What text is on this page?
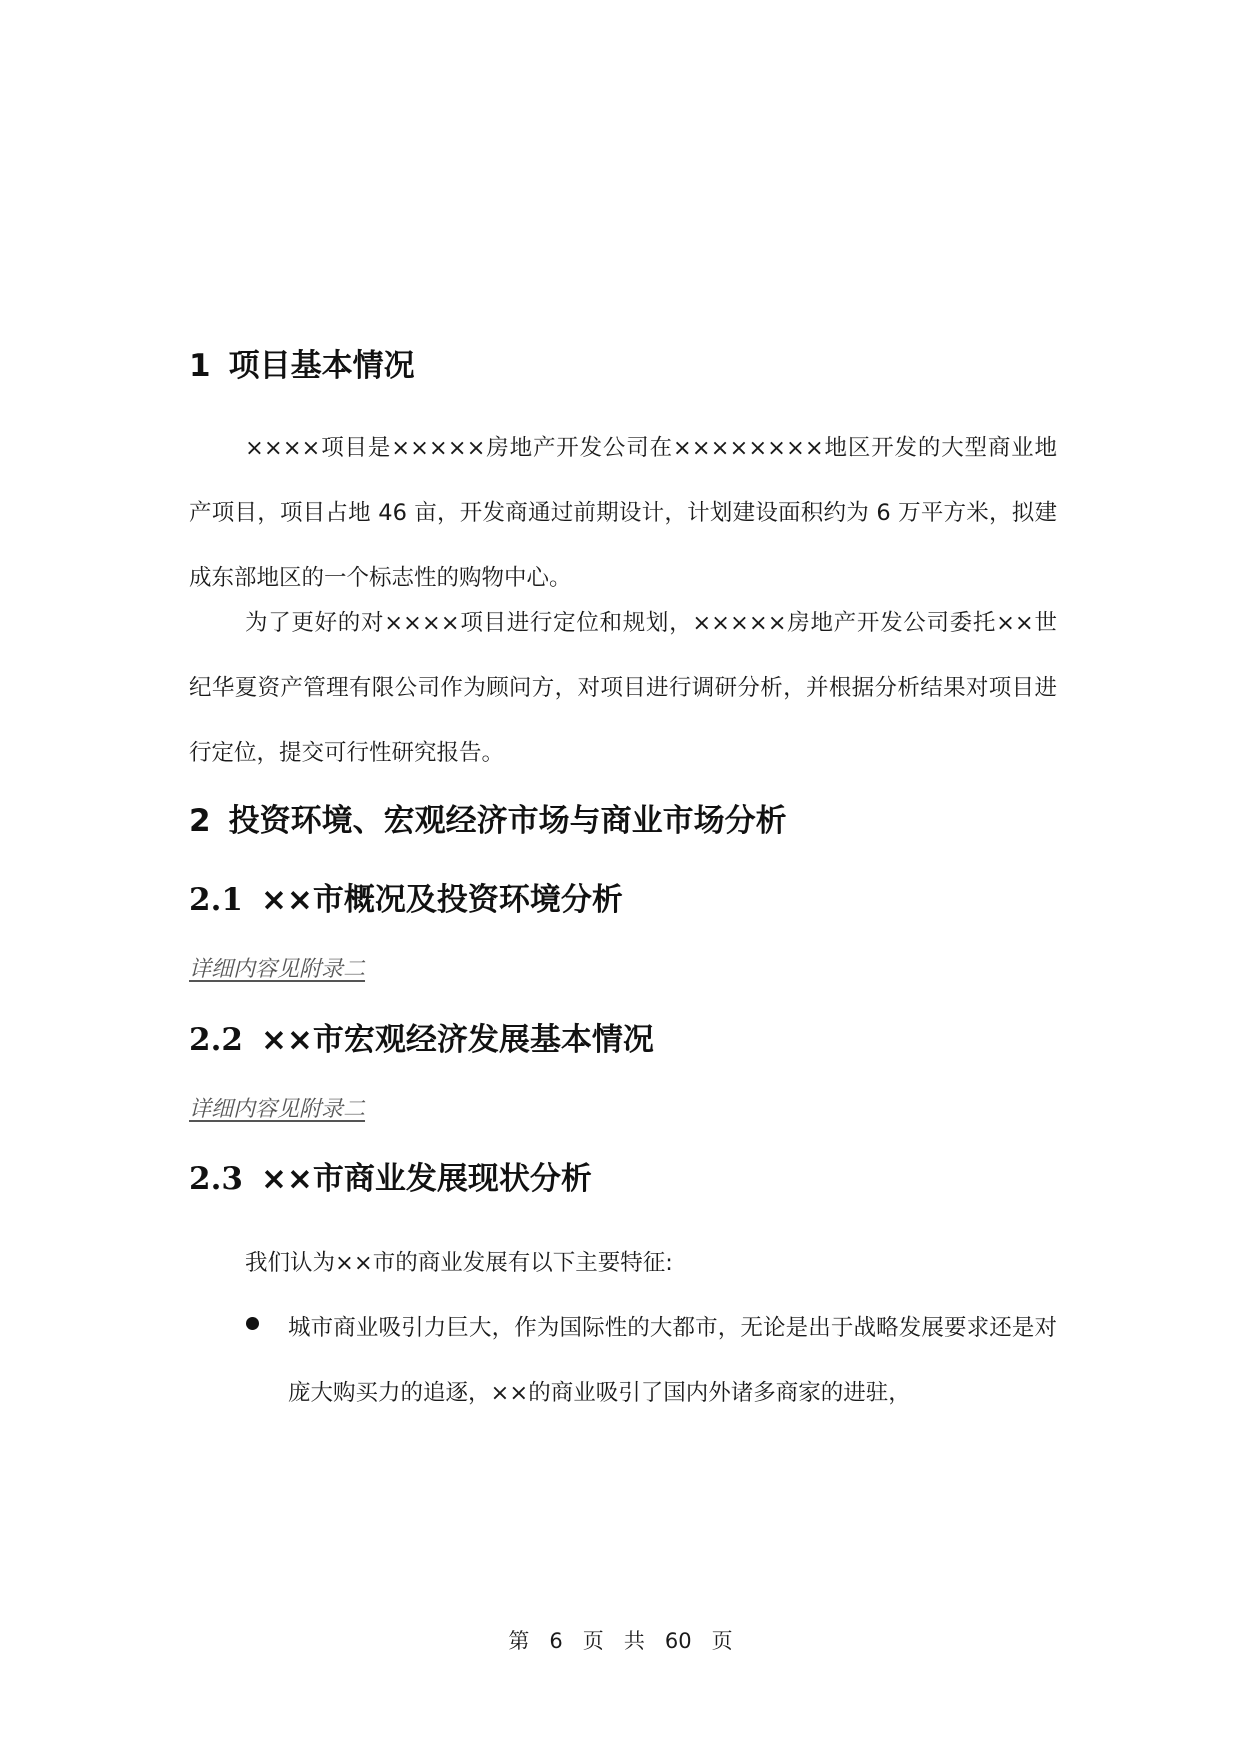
1 项目基本情况
××××项目是×××××房地产开发公司在××××××××地区开发的大型商业地产项目，项目占地 46 亩，开发商通过前期设计，计划建设面积约为 6 万平方米，拟建成东部地区的一个标志性的购物中心。
为了更好的对××××项目进行定位和规划，×××××房地产开发公司委托××世纪华夏资产管理有限公司作为顾问方，对项目进行调研分析，并根据分析结果对项目进行定位，提交可行性研究报告。
2 投资环境、宏观经济市场与商业市场分析
2.1 ××市概况及投资环境分析
详细内容见附录二
2.2 ××市宏观经济发展基本情况
详细内容见附录二
2.3 ××市商业发展现状分析
我们认为××市的商业发展有以下主要特征:
城市商业吸引力巨大，作为国际性的大都市，无论是出于战略发展要求还是对庞大购买力的追逐，××的商业吸引了国内外诸多商家的进驻，
第   6   页   共   60   页
